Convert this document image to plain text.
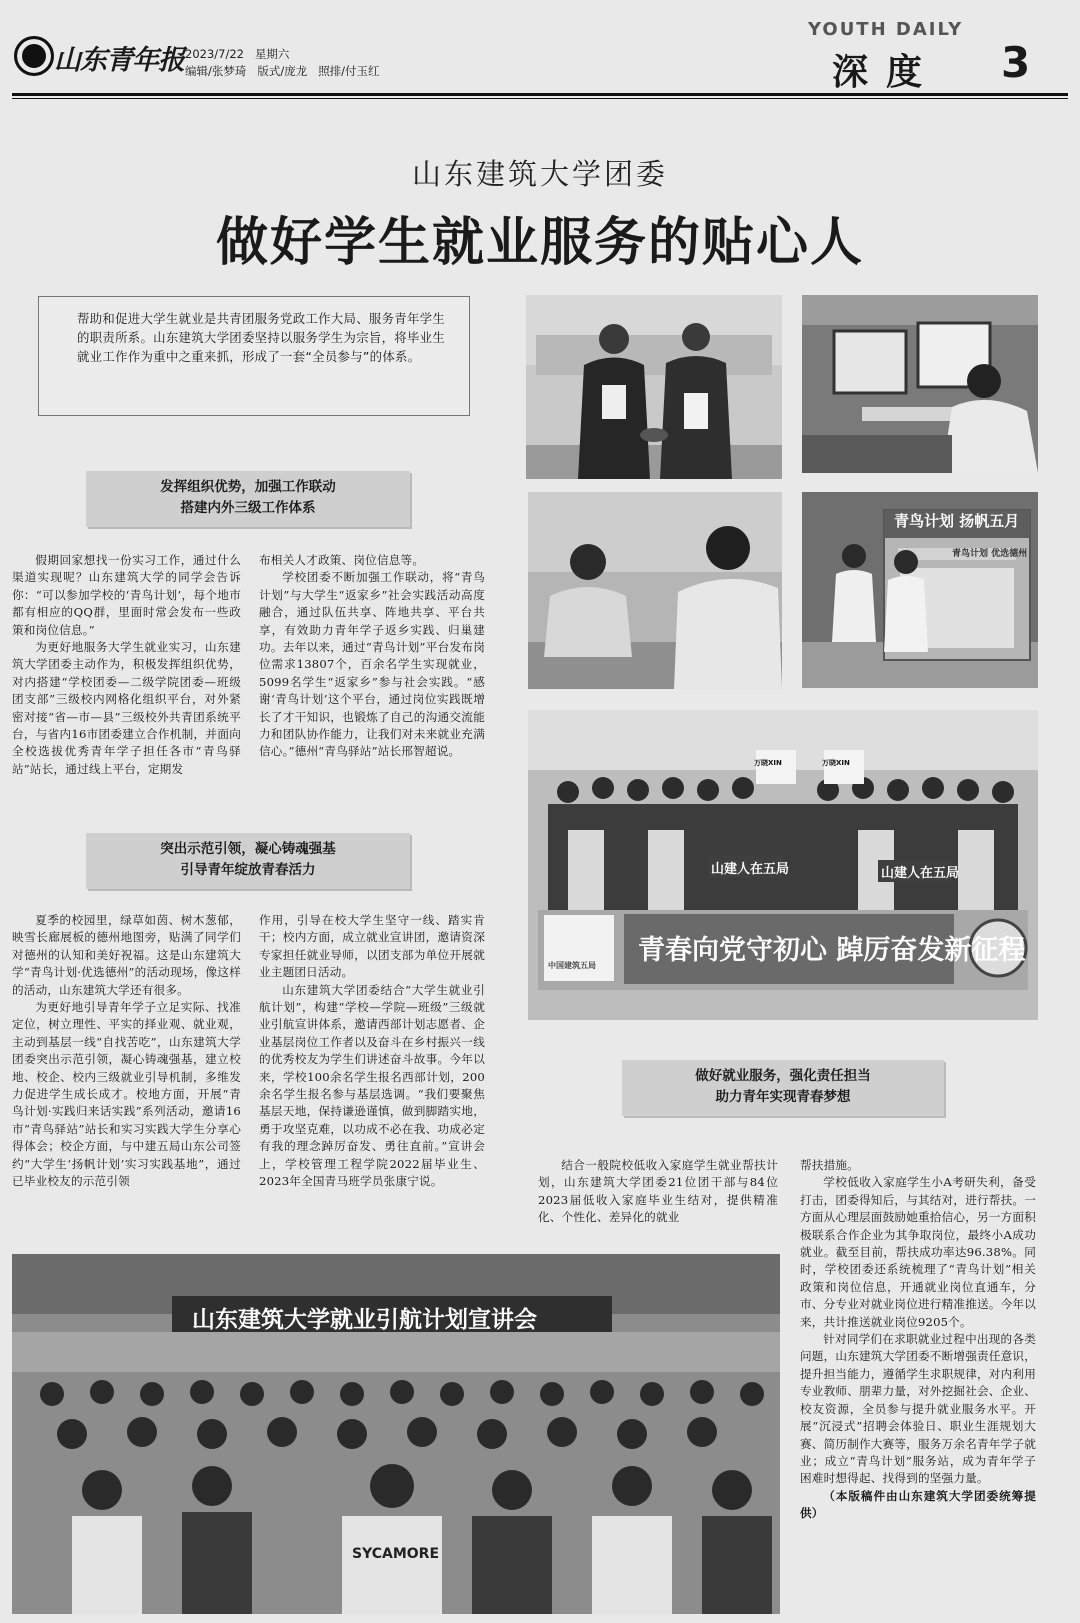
山东青年报 2023/7/22 星期六
编辑/张梦琦 版式/庞龙 照排/付玉红
YOUTH DAILY
深度 3
山东建筑大学团委
做好学生就业服务的贴心人

帮助和促进大学生就业是共青团服务党政工作大局、服务青年学生的职责所系。山东建筑大学团委坚持以服务学生为宗旨，将毕业生就业工作作为重中之重来抓，形成了一套“全员参与”的体系。

发挥组织优势，加强工作联动
搭建内外三级工作体系

假期回家想找一份实习工作，通过什么渠道实现呢？山东建筑大学的同学会告诉你：“可以参加学校的‘青鸟计划’，每个地市都有相应的QQ群，里面时常会发布一些政策和岗位信息。”

为更好地服务大学生就业实习，山东建筑大学团委主动作为，积极发挥组织优势，对内搭建“学校团委—二级学院团委—班级团支部”三级校内网格化组织平台，对外紧密对接“省—市—县”三级校外共青团系统平台，与省内16市团委建立合作机制，并面向全校选拔优秀青年学子担任各市“青鸟驿站”站长，通过线上平台，定期发

布相关人才政策、岗位信息等。

学校团委不断加强工作联动，将“青鸟计划”与大学生“返家乡”社会实践活动高度融合，通过队伍共享、阵地共享、平台共享，有效助力青年学子返乡实践、归巢建功。去年以来，通过“青鸟计划”平台发布岗位需求13807个，百余名学生实现就业，5099名学生“返家乡”参与社会实践。“感谢‘青鸟计划’这个平台，通过岗位实践既增长了才干知识，也锻炼了自己的沟通交流能力和团队协作能力，让我们对未来就业充满信心。”德州“青鸟驿站”站长邢智超说。

突出示范引领，凝心铸魂强基
引导青年绽放青春活力

夏季的校园里，绿草如茵、树木葱郁，映雪长廊展板的德州地图旁，贴满了同学们对德州的认知和美好祝福。这是山东建筑大学“青鸟计划·优选德州”的活动现场，像这样的活动，山东建筑大学还有很多。

为更好地引导青年学子立足实际、找准定位，树立理性、平实的择业观、就业观，主动到基层一线“自找苦吃”，山东建筑大学团委突出示范引领，凝心铸魂强基，建立校地、校企、校内三级就业引导机制，多维发力促进学生成长成才。校地方面，开展“青鸟计划·实践归来话实践”系列活动，邀请16市“青鸟驿站”站长和实习实践大学生分享心得体会；校企方面，与中建五局山东公司签约“大学生‘扬帆计划’实习实践基地”，通过已毕业校友的示范引领

作用，引导在校大学生坚守一线、踏实肯干；校内方面，成立就业宣讲团，邀请资深专家担任就业导师，以团支部为单位开展就业主题团日活动。

山东建筑大学团委结合“大学生就业引航计划”，构建“学校—学院—班级”三级就业引航宣讲体系，邀请西部计划志愿者、企业基层岗位工作者以及奋斗在乡村振兴一线的优秀校友为学生们讲述奋斗故事。今年以来，学校100余名学生报名西部计划，200余名学生报名参与基层选调。“我们要聚焦基层天地，保持谦逊谨慎，做到脚踏实地，勇于攻坚克难，以功成不必在我、功成必定有我的理念踔厉奋发、勇往直前。”宣讲会上，学校管理工程学院2022届毕业生、2023年全国青马班学员张康宁说。

做好就业服务，强化责任担当
助力青年实现青春梦想

结合一般院校低收入家庭学生就业帮扶计划，山东建筑大学团委21位团干部与84位2023届低收入家庭毕业生结对，提供精准化、个性化、差异化的就业

帮扶措施。

学校低收入家庭学生小A考研失利，备受打击，团委得知后，与其结对，进行帮扶。一方面从心理层面鼓励她重拾信心，另一方面积极联系合作企业为其争取岗位，最终小A成功就业。截至目前，帮扶成功率达96.38%。同时，学校团委还系统梳理了“青鸟计划”相关政策和岗位信息，开通就业岗位直通车，分市、分专业对就业岗位进行精准推送。今年以来，共计推送就业岗位9205个。

针对同学们在求职就业过程中出现的各类问题，山东建筑大学团委不断增强责任意识，提升担当能力，遵循学生求职规律，对内利用专业教师、朋辈力量，对外挖掘社会、企业、校友资源，全员参与提升就业服务水平。开展“沉浸式”招聘会体验日、职业生涯规划大赛、简历制作大赛等，服务万余名青年学子就业；成立“青鸟计划”服务站，成为青年学子困难时想得起、找得到的坚强力量。

（本版稿件由山东建筑大学团委统筹提供）

青鸟计划 扬帆五月
青鸟计划 优选德州
万晓XIN	万晓XIN
山建人在五局	山建人在五局
青春向党守初心 踔厉奋发新征程
中国建筑五局
山东建筑大学就业引航计划宣讲会
SYCAMORE
